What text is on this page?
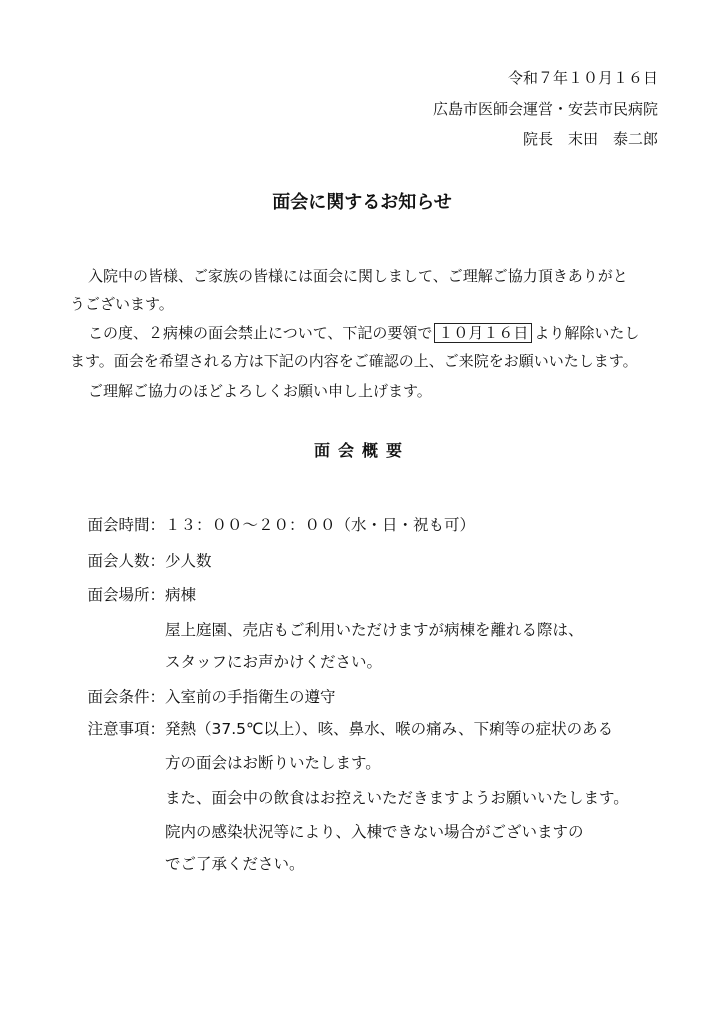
令和７年１０月１６日
広島市医師会運営・安芸市民病院
院長　末田　泰二郎
面会に関するお知らせ
入院中の皆様、ご家族の皆様には面会に関しまして、ご理解ご協力頂きありがと
うございます。
この度、２病棟の面会禁止について、下記の要領で １０月１６日 より解除いたし
ます。面会を希望される方は下記の内容をご確認の上、ご来院をお願いいたします。
ご理解ご協力のほどよろしくお願い申し上げます。
面会概要
面会時間：１３：００～２０：００（水・日・祝も可）
面会人数：少人数
面会場所：病棟
屋上庭園、売店もご利用いただけますが病棟を離れる際は、
スタッフにお声かけください。
面会条件：入室前の手指衛生の遵守
注意事項：発熱（37.5℃以上）、咳、鼻水、喉の痛み、下痢等の症状のある
方の面会はお断りいたします。
また、面会中の飲食はお控えいただきますようお願いいたします。
院内の感染状況等により、入棟できない場合がございますの
でご了承ください。
